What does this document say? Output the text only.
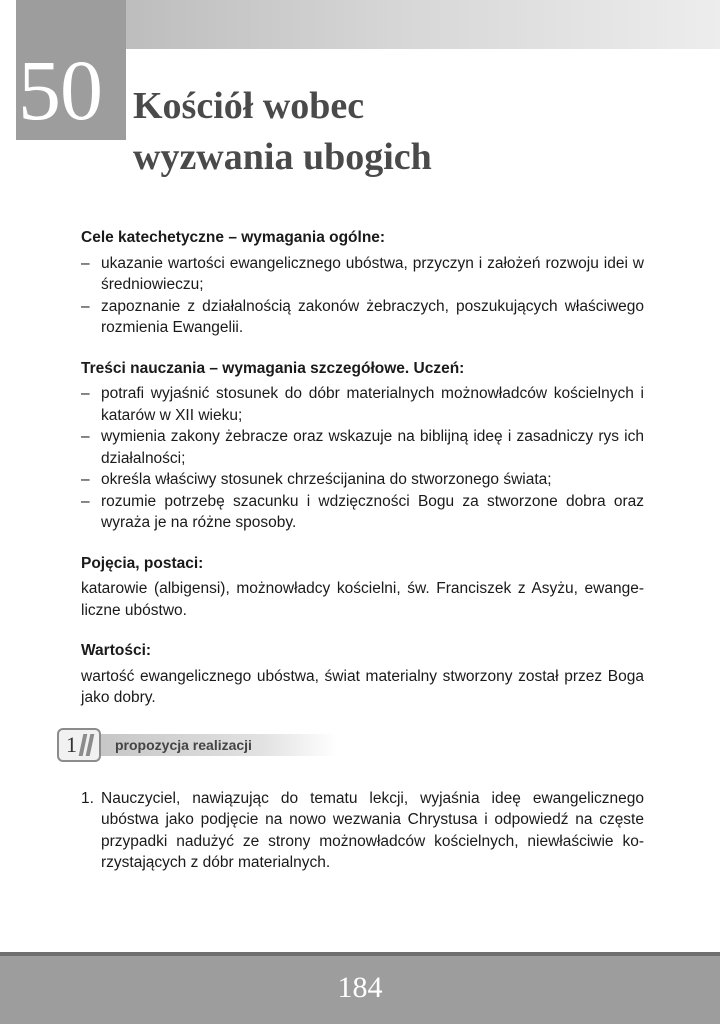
50 Kościół wobec
wyzwania ubogich
Cele katechetyczne – wymagania ogólne:
– ukazanie wartości ewangelicznego ubóstwa, przyczyn i założeń rozwoju idei w średniowieczu;
– zapoznanie z działalnością zakonów żebraczych, poszukujących właściwego rozmienia Ewangelii.
Treści nauczania – wymagania szczegółowe. Uczeń:
– potrafi wyjaśnić stosunek do dóbr materialnych możnowładców kościelnych i katarów w XII wieku;
– wymienia zakony żebracze oraz wskazuje na biblijną ideę i zasadniczy rys ich działalności;
– określa właściwy stosunek chrześcijanina do stworzonego świata;
– rozumie potrzebę szacunku i wdzięczności Bogu za stworzone dobra oraz wyraża je na różne sposoby.
Pojęcia, postaci:

katarowie (albigensi), możnowładcy kościelni, św. Franciszek z Asyżu, ewangeliczne ubóstwo.

Wartości:

wartość ewangelicznego ubóstwa, świat materialny stworzony został przez Boga jako dobry.

1	propozycja realizacji
1. Nauczyciel, nawiązując do tematu lekcji, wyjaśnia ideę ewangelicznego ubóstwa jako podjęcie na nowo wezwania Chrystusa i odpowiedź na częste przypadki nadużyć ze strony możnowładców kościelnych, niewłaściwie korzystających z dóbr materialnych.
184
